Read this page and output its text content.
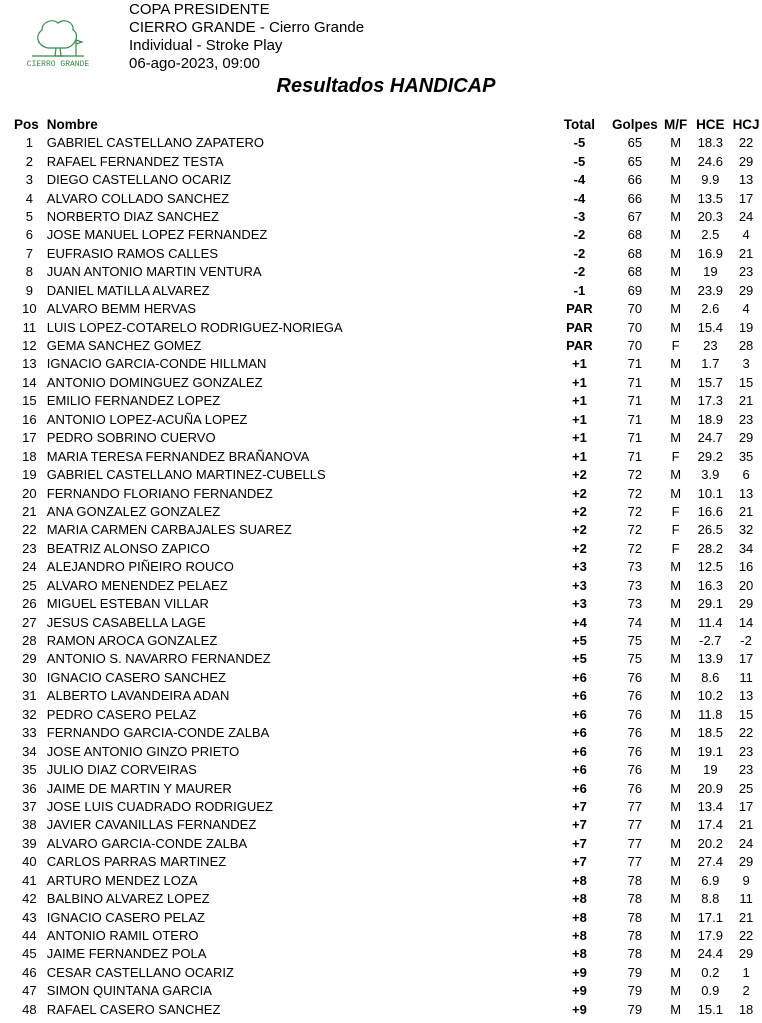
CIERRO GRANDE
COPA PRESIDENTE
CIERRO GRANDE - Cierro Grande
Individual - Stroke Play
06-ago-2023, 09:00
Resultados HANDICAP
Pos	Nombre	Total	Golpes	M/F	HCE	HCJ
1	GABRIEL CASTELLANO ZAPATERO	-5	65	M	18.3	22
2	RAFAEL FERNANDEZ TESTA	-5	65	M	24.6	29
3	DIEGO CASTELLANO OCARIZ	-4	66	M	9.9	13
4	ALVARO COLLADO SANCHEZ	-4	66	M	13.5	17
5	NORBERTO DIAZ SANCHEZ	-3	67	M	20.3	24
6	JOSE MANUEL LOPEZ FERNANDEZ	-2	68	M	2.5	4
7	EUFRASIO RAMOS CALLES	-2	68	M	16.9	21
8	JUAN ANTONIO MARTIN VENTURA	-2	68	M	19	23
9	DANIEL MATILLA ALVAREZ	-1	69	M	23.9	29
10	ALVARO BEMM HERVAS	PAR	70	M	2.6	4
11	LUIS LOPEZ-COTARELO RODRIGUEZ-NORIEGA	PAR	70	M	15.4	19
12	GEMA SANCHEZ GOMEZ	PAR	70	F	23	28
13	IGNACIO GARCIA-CONDE HILLMAN	+1	71	M	1.7	3
14	ANTONIO DOMINGUEZ GONZALEZ	+1	71	M	15.7	15
15	EMILIO FERNANDEZ LOPEZ	+1	71	M	17.3	21
16	ANTONIO LOPEZ-ACUÑA LOPEZ	+1	71	M	18.9	23
17	PEDRO SOBRINO CUERVO	+1	71	M	24.7	29
18	MARIA TERESA FERNANDEZ BRAÑANOVA	+1	71	F	29.2	35
19	GABRIEL CASTELLANO MARTINEZ-CUBELLS	+2	72	M	3.9	6
20	FERNANDO FLORIANO FERNANDEZ	+2	72	M	10.1	13
21	ANA GONZALEZ GONZALEZ	+2	72	F	16.6	21
22	MARIA CARMEN CARBAJALES SUAREZ	+2	72	F	26.5	32
23	BEATRIZ ALONSO ZAPICO	+2	72	F	28.2	34
24	ALEJANDRO PIÑEIRO ROUCO	+3	73	M	12.5	16
25	ALVARO MENENDEZ PELAEZ	+3	73	M	16.3	20
26	MIGUEL ESTEBAN VILLAR	+3	73	M	29.1	29
27	JESUS CASABELLA LAGE	+4	74	M	11.4	14
28	RAMON AROCA GONZALEZ	+5	75	M	-2.7	-2
29	ANTONIO S. NAVARRO FERNANDEZ	+5	75	M	13.9	17
30	IGNACIO CASERO SANCHEZ	+6	76	M	8.6	11
31	ALBERTO LAVANDEIRA ADAN	+6	76	M	10.2	13
32	PEDRO CASERO PELAZ	+6	76	M	11.8	15
33	FERNANDO GARCIA-CONDE ZALBA	+6	76	M	18.5	22
34	JOSE ANTONIO GINZO PRIETO	+6	76	M	19.1	23
35	JULIO DIAZ CORVEIRAS	+6	76	M	19	23
36	JAIME DE MARTIN Y MAURER	+6	76	M	20.9	25
37	JOSE LUIS CUADRADO RODRIGUEZ	+7	77	M	13.4	17
38	JAVIER CAVANILLAS FERNANDEZ	+7	77	M	17.4	21
39	ALVARO GARCIA-CONDE ZALBA	+7	77	M	20.2	24
40	CARLOS PARRAS MARTINEZ	+7	77	M	27.4	29
41	ARTURO MENDEZ LOZA	+8	78	M	6.9	9
42	BALBINO ALVAREZ LOPEZ	+8	78	M	8.8	11
43	IGNACIO CASERO PELAZ	+8	78	M	17.1	21
44	ANTONIO RAMIL OTERO	+8	78	M	17.9	22
45	JAIME FERNANDEZ POLA	+8	78	M	24.4	29
46	CESAR CASTELLANO OCARIZ	+9	79	M	0.2	1
47	SIMON QUINTANA GARCIA	+9	79	M	0.9	2
48	RAFAEL CASERO SANCHEZ	+9	79	M	15.1	18
